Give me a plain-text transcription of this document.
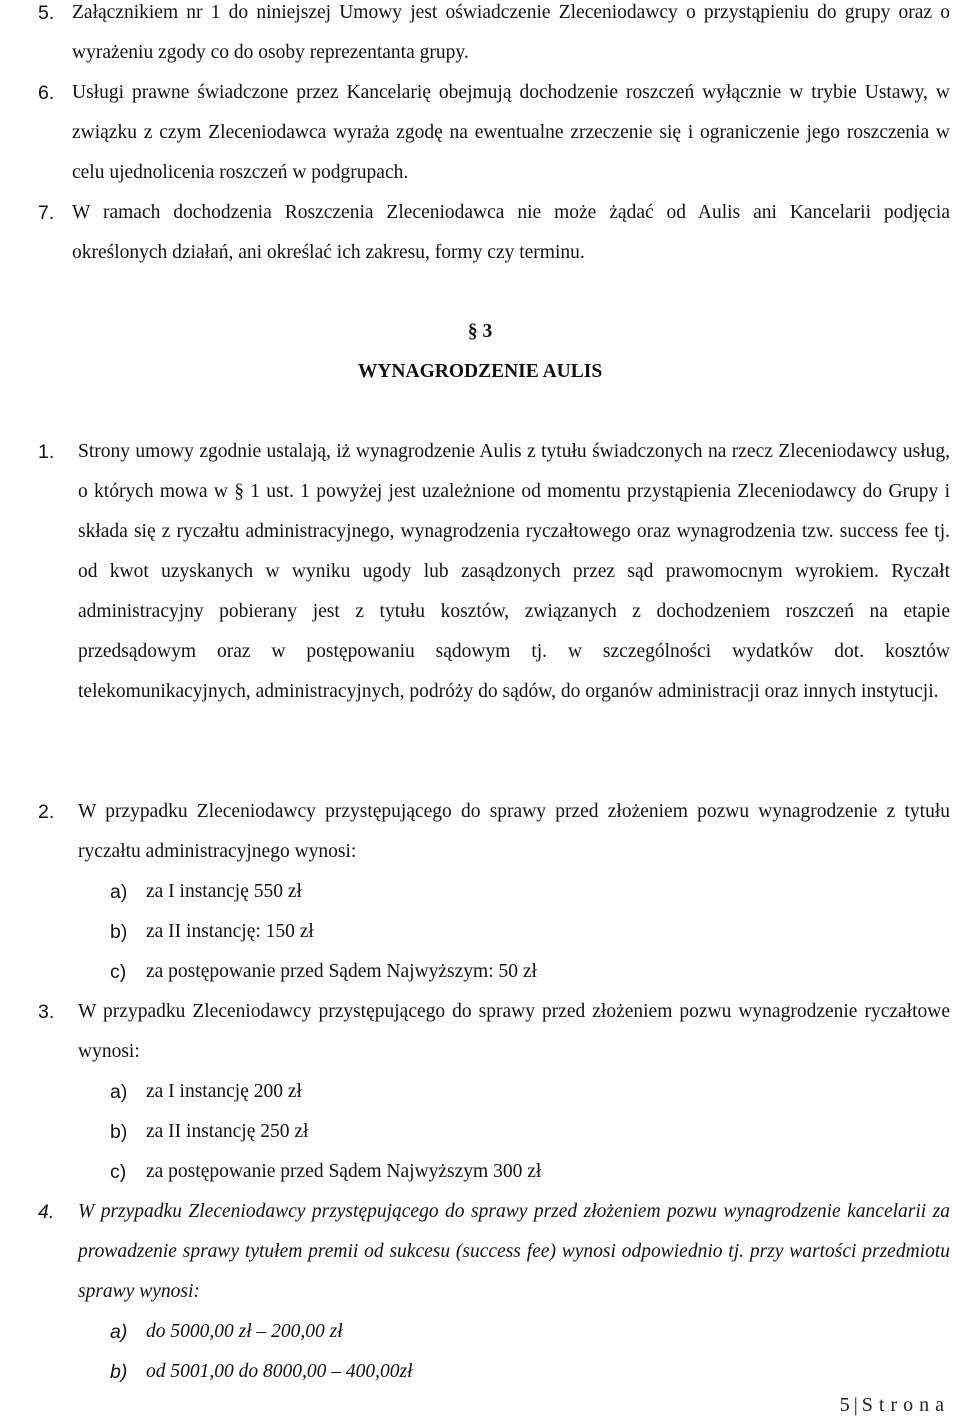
5. Załącznikiem nr 1 do niniejszej Umowy jest oświadczenie Zleceniodawcy o przystąpieniu do grupy oraz o wyrażeniu zgody co do osoby reprezentanta grupy.
6. Usługi prawne świadczone przez Kancelarię obejmują dochodzenie roszczeń wyłącznie w trybie Ustawy, w związku z czym Zleceniodawca wyraża zgodę na ewentualne zrzeczenie się i ograniczenie jego roszczenia w celu ujednolicenia roszczeń w podgrupach.
7. W ramach dochodzenia Roszczenia Zleceniodawca nie może żądać od Aulis ani Kancelarii podjęcia określonych działań, ani określać ich zakresu, formy czy terminu.
§ 3
WYNAGRODZENIE AULIS
1. Strony umowy zgodnie ustalają, iż wynagrodzenie Aulis z tytułu świadczonych na rzecz Zleceniodawcy usług, o których mowa w § 1 ust. 1 powyżej jest uzależnione od momentu przystąpienia Zleceniodawcy do Grupy i składa się z ryczałtu administracyjnego, wynagrodzenia ryczałtowego oraz wynagrodzenia tzw. success fee tj. od kwot uzyskanych w wyniku ugody lub zasądzonych przez sąd prawomocnym wyrokiem. Ryczałt administracyjny pobierany jest z tytułu kosztów, związanych z dochodzeniem roszczeń na etapie przedsądowym oraz w postępowaniu sądowym tj. w szczególności wydatków dot. kosztów telekomunikacyjnych, administracyjnych, podróży do sądów, do organów administracji oraz innych instytucji.
2. W przypadku Zleceniodawcy przystępującego do sprawy przed złożeniem pozwu wynagrodzenie z tytułu ryczałtu administracyjnego wynosi:
a) za I instancję 550 zł
b) za II instancję: 150 zł
c) za postępowanie przed Sądem Najwyższym: 50 zł
3. W przypadku Zleceniodawcy przystępującego do sprawy przed złożeniem pozwu wynagrodzenie ryczałtowe wynosi:
a) za I instancję 200 zł
b) za II instancję 250 zł
c) za postępowanie przed Sądem Najwyższym 300 zł
4. W przypadku Zleceniodawcy przystępującego do sprawy przed złożeniem pozwu wynagrodzenie kancelarii za prowadzenie sprawy tytułem premii od sukcesu (success fee) wynosi odpowiednio tj. przy wartości przedmiotu sprawy wynosi:
a) do 5000,00 zł – 200,00 zł
b) od 5001,00 do 8000,00 – 400,00zł
5 | Strona
